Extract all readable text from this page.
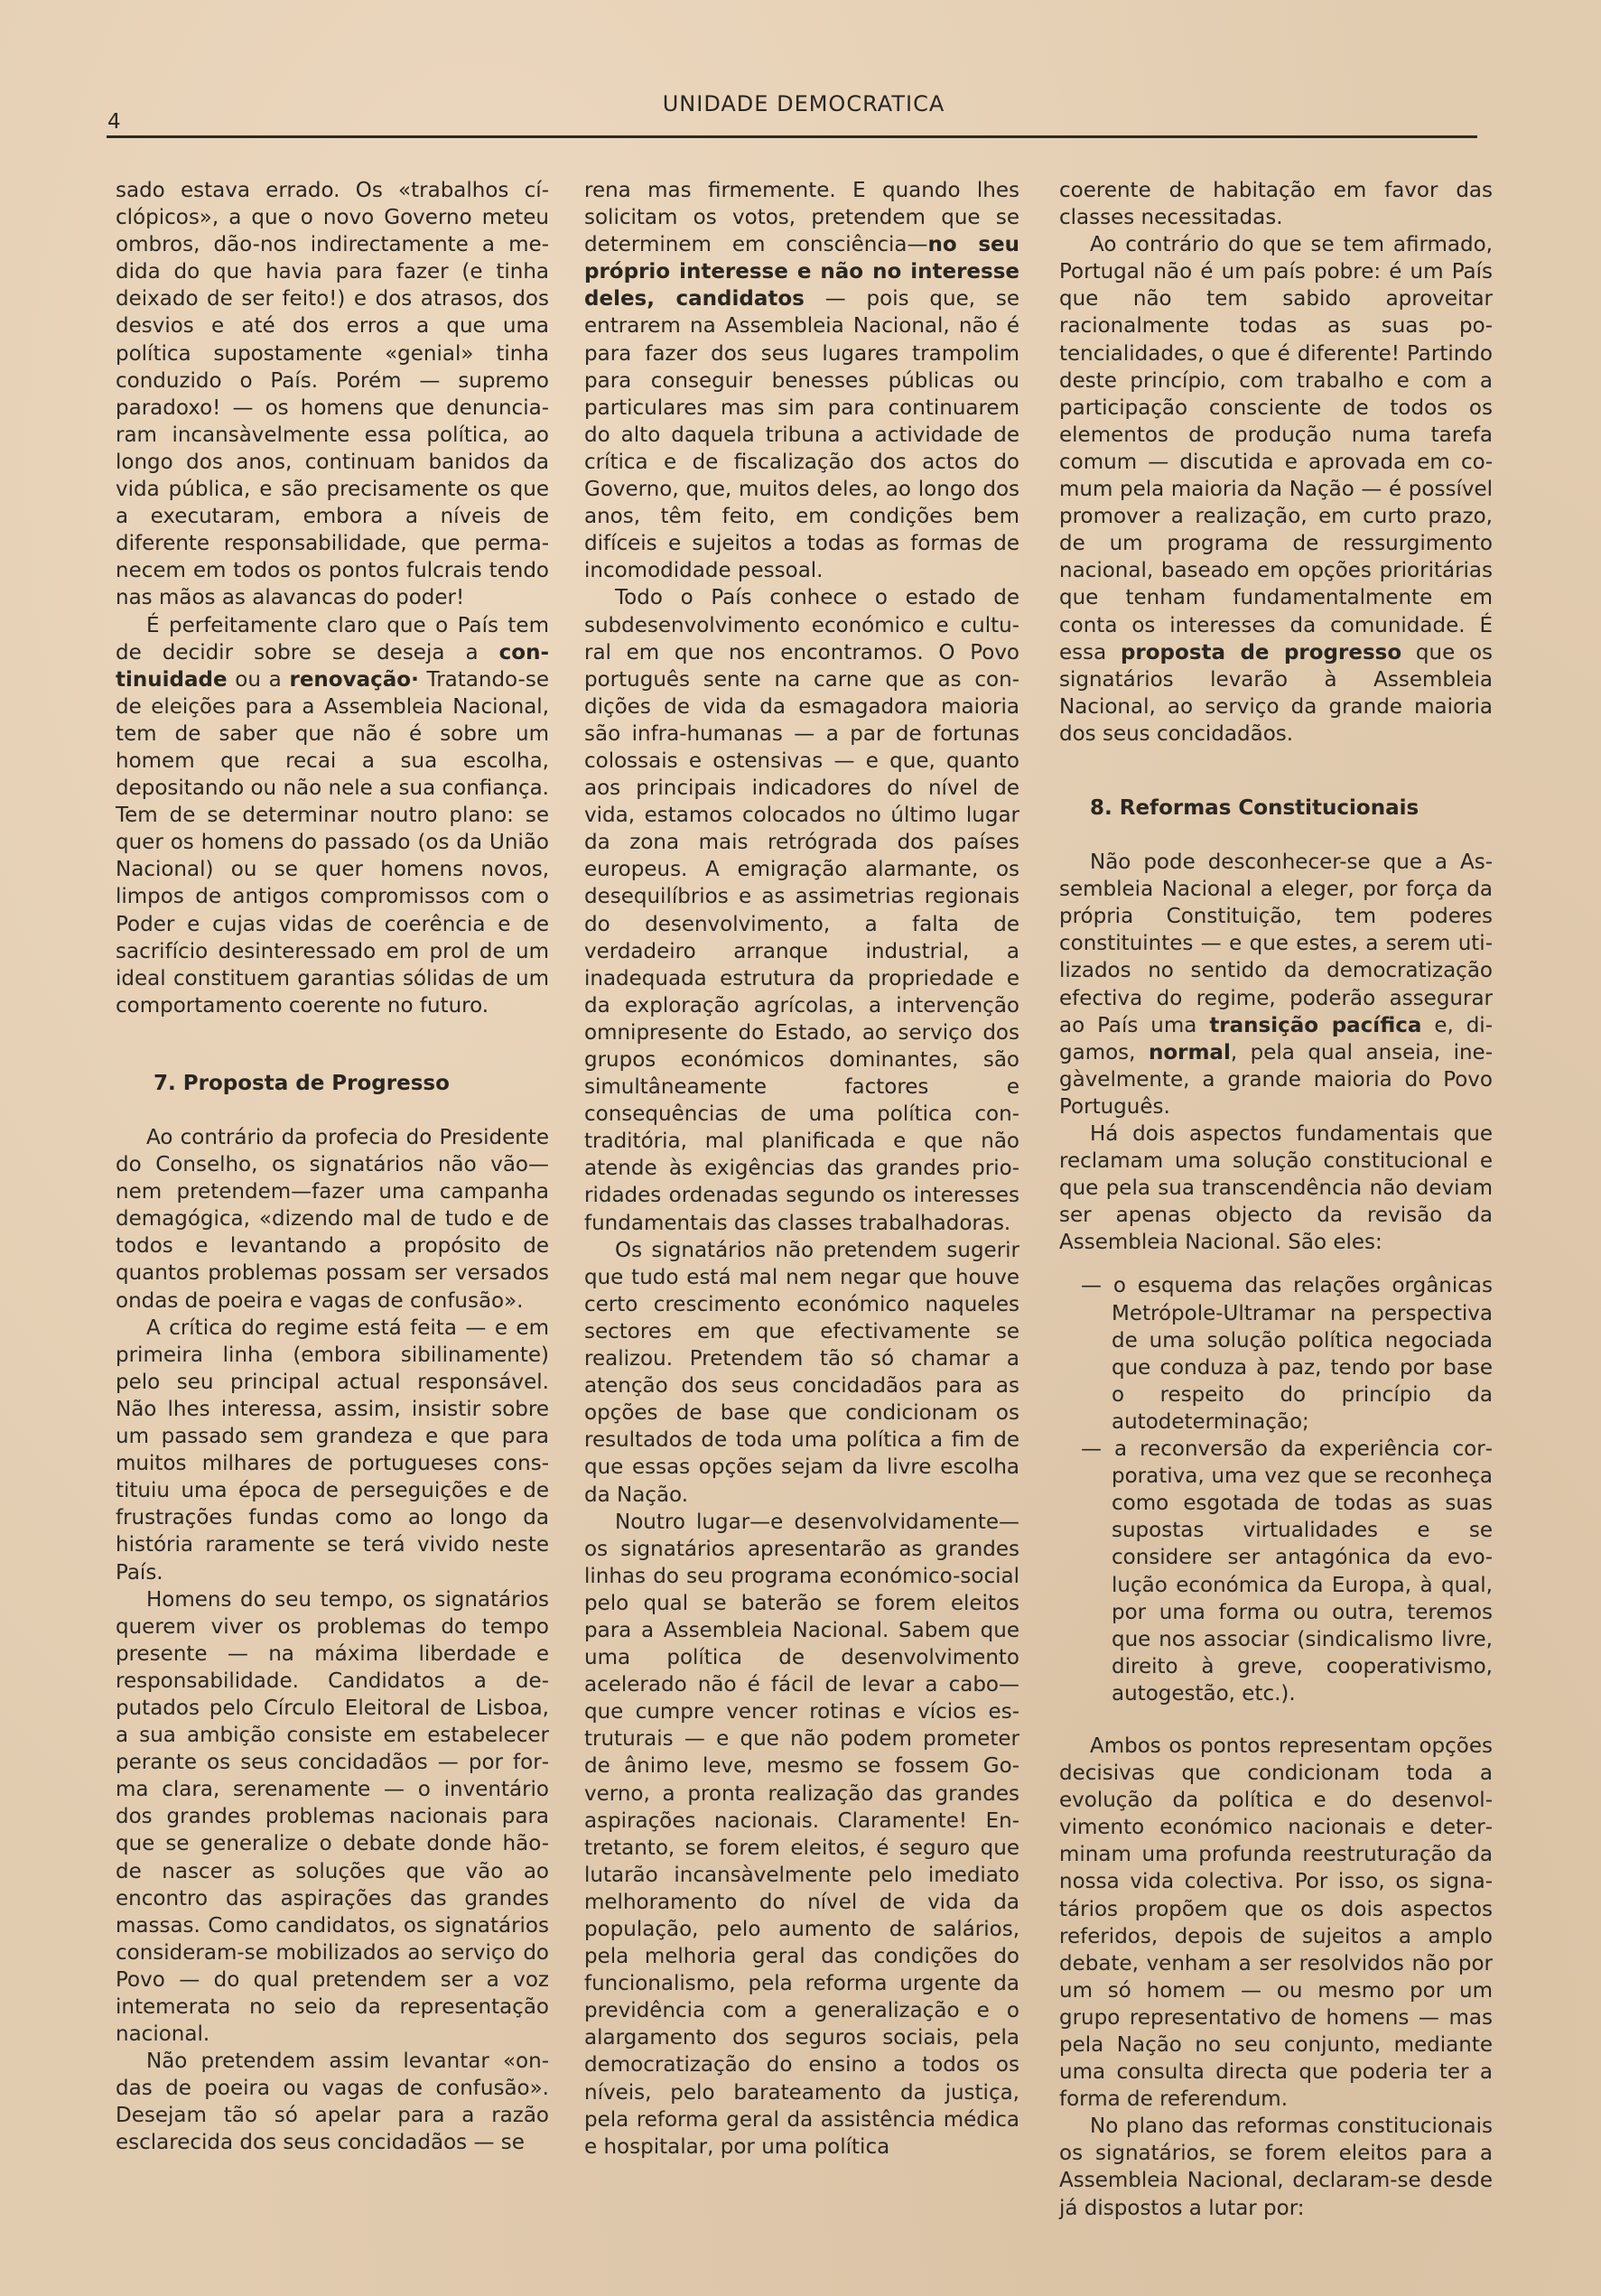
4
UNIDADE DEMOCRATICA

sado estava errado. Os «trabalhos cíclópicos», a que o novo Governo meteu ombros, dão-nos indirectamente a medida do que havia para fazer (e tinha deixado de ser feito!) e dos atrasos, dos desvios e até dos erros a que uma política supostamente «genial» tinha conduzido o País. Porém — supremo paradoxo! — os homens que denunciaram incansàvelmente essa política, ao longo dos anos, continuam banidos da vida pública, e são precisamente os que a executaram, embora a níveis de diferente responsabilidade, que permanecem em todos os pontos fulcrais tendo nas mãos as alavancas do poder!

É perfeitamente claro que o País tem de decidir sobre se deseja a continuidade ou a renovação· Tratando-se de eleições para a Assembleia Nacional, tem de saber que não é sobre um homem que recai a sua escolha, depositando ou não nele a sua confiança. Tem de se determinar noutro plano: se quer os homens do passado (os da União Nacional) ou se quer homens novos, limpos de antigos compromissos com o Poder e cujas vidas de coerência e de sacrifício desinteressado em prol de um ideal constituem garantias sólidas de um comportamento coerente no futuro.

7. Proposta de Progresso

Ao contrário da profecia do Presidente do Conselho, os signatários não vão—nem pretendem—fazer uma campanha demagógica, «dizendo mal de tudo e de todos e levantando a propósito de quantos problemas possam ser versados ondas de poeira e vagas de confusão».

A crítica do regime está feita — e em primeira linha (embora sibilinamente) pelo seu principal actual responsável. Não lhes interessa, assim, insistir sobre um passado sem grandeza e que para muitos milhares de portugueses constituiu uma época de perseguições e de frustrações fundas como ao longo da história raramente se terá vivido neste País.

Homens do seu tempo, os signatários querem viver os problemas do tempo presente — na máxima liberdade e responsabilidade. Candidatos a deputados pelo Círculo Eleitoral de Lisboa, a sua ambição consiste em estabelecer perante os seus concidadãos — por forma clara, serenamente — o inventário dos grandes problemas nacionais para que se generalize o debate donde hão-de nascer as soluções que vão ao encontro das aspirações das grandes massas. Como candidatos, os signatários consideram-se mobilizados ao serviço do Povo — do qual pretendem ser a voz intemerata no seio da representação nacional.

Não pretendem assim levantar «ondas de poeira ou vagas de confusão». Desejam tão só apelar para a razão esclarecida dos seus concidadãos — se

rena mas firmemente. E quando lhes solicitam os votos, pretendem que se determinem em consciência—no seu próprio interesse e não no interesse deles, candidatos — pois que, se entrarem na Assembleia Nacional, não é para fazer dos seus lugares trampolim para conseguir benesses públicas ou particulares mas sim para continuarem do alto daquela tribuna a actividade de crítica e de fiscalização dos actos do Governo, que, muitos deles, ao longo dos anos, têm feito, em condições bem difíceis e sujeitos a todas as formas de incomodidade pessoal.

Todo o País conhece o estado de subdesenvolvimento económico e cultural em que nos encontramos. O Povo português sente na carne que as condições de vida da esmagadora maioria são infra-humanas — a par de fortunas colossais e ostensivas — e que, quanto aos principais indicadores do nível de vida, estamos colocados no último lugar da zona mais retrógrada dos países europeus. A emigração alarmante, os desequilíbrios e as assimetrias regionais do desenvolvimento, a falta de verdadeiro arranque industrial, a inadequada estrutura da propriedade e da exploração agrícolas, a intervenção omnipresente do Estado, ao serviço dos grupos económicos dominantes, são simultâneamente factores e consequências de uma política contraditória, mal planificada e que não atende às exigências das grandes prioridades ordenadas segundo os interesses fundamentais das classes trabalhadoras.

Os signatários não pretendem sugerir que tudo está mal nem negar que houve certo crescimento económico naqueles sectores em que efectivamente se realizou. Pretendem tão só chamar a atenção dos seus concidadãos para as opções de base que condicionam os resultados de toda uma política a fim de que essas opções sejam da livre escolha da Nação.

Noutro lugar—e desenvolvidamente— os signatários apresentarão as grandes linhas do seu programa económico-social pelo qual se baterão se forem eleitos para a Assembleia Nacional. Sabem que uma política de desenvolvimento acelerado não é fácil de levar a cabo— que cumpre vencer rotinas e vícios estruturais — e que não podem prometer de ânimo leve, mesmo se fossem Governo, a pronta realização das grandes aspirações nacionais. Claramente! Entretanto, se forem eleitos, é seguro que lutarão incansàvelmente pelo imediato melhoramento do nível de vida da população, pelo aumento de salários, pela melhoria geral das condições do funcionalismo, pela reforma urgente da previdência com a generalização e o alargamento dos seguros sociais, pela democratização do ensino a todos os níveis, pelo barateamento da justiça, pela reforma geral da assistência médica e hospitalar, por uma política

coerente de habitação em favor das classes necessitadas.

Ao contrário do que se tem afirmado, Portugal não é um país pobre: é um País que não tem sabido aproveitar racionalmente todas as suas potencialidades, o que é diferente! Partindo deste princípio, com trabalho e com a participação consciente de todos os elementos de produção numa tarefa comum — discutida e aprovada em comum pela maioria da Nação — é possível promover a realização, em curto prazo, de um programa de ressurgimento nacional, baseado em opções prioritárias que tenham fundamentalmente em conta os interesses da comunidade. É essa proposta de progresso que os signatários levarão à Assembleia Nacional, ao serviço da grande maioria dos seus concidadãos.

8. Reformas Constitucionais

Não pode desconhecer-se que a Assembleia Nacional a eleger, por força da própria Constituição, tem poderes constituintes — e que estes, a serem utilizados no sentido da democratização efectiva do regime, poderão assegurar ao País uma transição pacífica e, digamos, normal, pela qual anseia, inegàvelmente, a grande maioria do Povo Português.

Há dois aspectos fundamentais que reclamam uma solução constitucional e que pela sua transcendência não deviam ser apenas objecto da revisão da Assembleia Nacional. São eles:

— o esquema das relações orgânicas Metrópole-Ultramar na perspectiva de uma solução política negociada que conduza à paz, tendo por base o respeito do princípio da autodeterminação;

— a reconversão da experiência corporativa, uma vez que se reconheça como esgotada de todas as suas supostas virtualidades e se considere ser antagónica da evolução económica da Europa, à qual, por uma forma ou outra, teremos que nos associar (sindicalismo livre, direito à greve, cooperativismo, autogestão, etc.).

Ambos os pontos representam opções decisivas que condicionam toda a evolução da política e do desenvolvimento económico nacionais e determinam uma profunda reestruturação da nossa vida colectiva. Por isso, os signatários propõem que os dois aspectos referidos, depois de sujeitos a amplo debate, venham a ser resolvidos não por um só homem — ou mesmo por um grupo representativo de homens — mas pela Nação no seu conjunto, mediante uma consulta directa que poderia ter a forma de referendum.

No plano das reformas constitucionais os signatários, se forem eleitos para a Assembleia Nacional, declaram-se desde já dispostos a lutar por:
